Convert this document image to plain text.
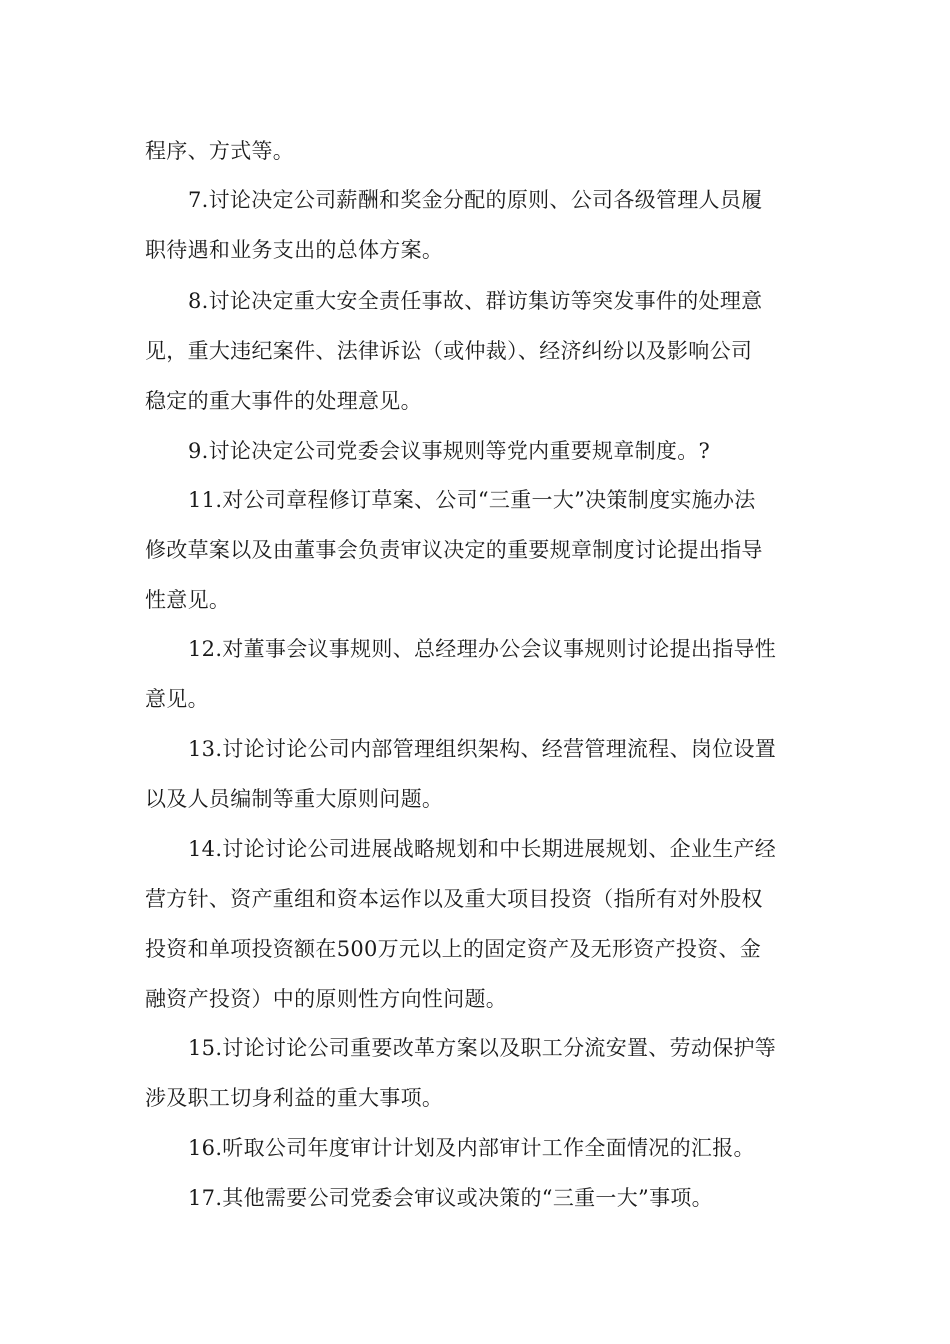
程序、方式等。
7.讨论决定公司薪酬和奖金分配的原则、公司各级管理人员履
职待遇和业务支出的总体方案。
8.讨论决定重大安全责任事故、群访集访等突发事件的处理意
见，重大违纪案件、法律诉讼（或仲裁）、经济纠纷以及影响公司
稳定的重大事件的处理意见。
9.讨论决定公司党委会议事规则等党内重要规章制度。?
11.对公司章程修订草案、公司“三重一大”决策制度实施办法
修改草案以及由董事会负责审议决定的重要规章制度讨论提出指导
性意见。
12.对董事会议事规则、总经理办公会议事规则讨论提出指导性
意见。
13.讨论讨论公司内部管理组织架构、经营管理流程、岗位设置
以及人员编制等重大原则问题。
14.讨论讨论公司进展战略规划和中长期进展规划、企业生产经
营方针、资产重组和资本运作以及重大项目投资（指所有对外股权
投资和单项投资额在500万元以上的固定资产及无形资产投资、金
融资产投资）中的原则性方向性问题。
15.讨论讨论公司重要改革方案以及职工分流安置、劳动保护等
涉及职工切身利益的重大事项。
16.听取公司年度审计计划及内部审计工作全面情况的汇报。
17.其他需要公司党委会审议或决策的“三重一大”事项。
